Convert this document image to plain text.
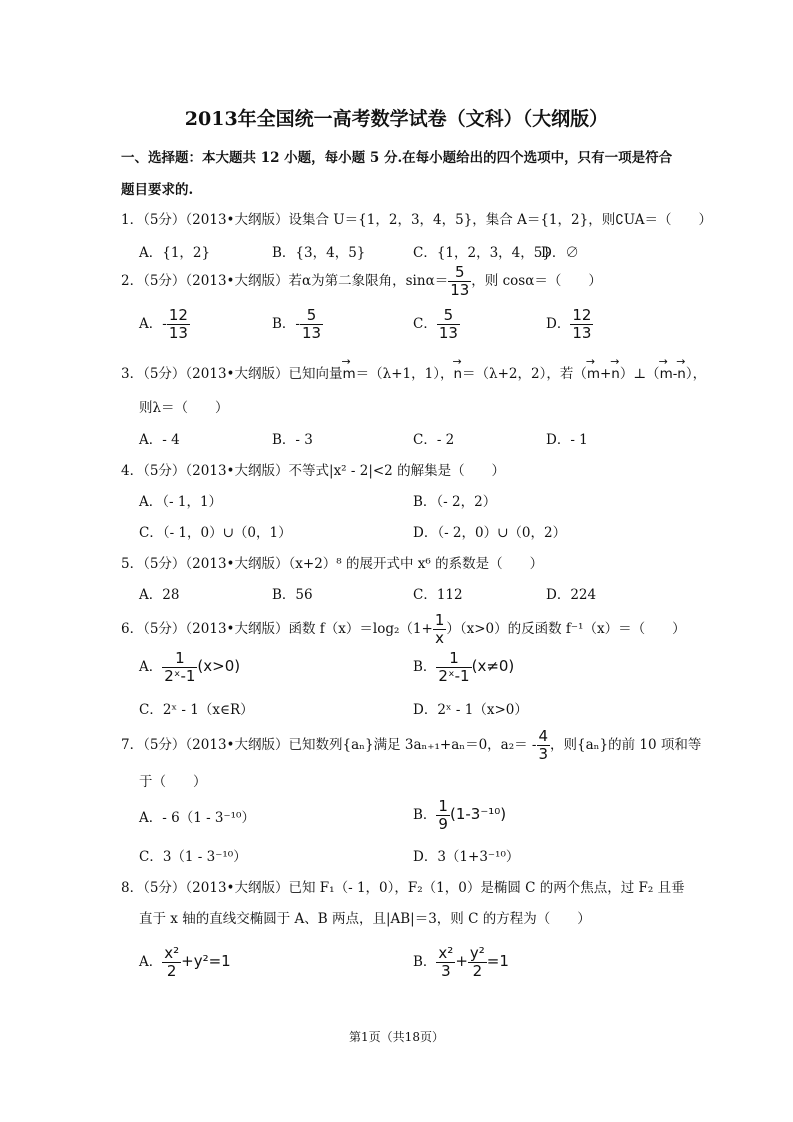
2013年全国统一高考数学试卷（文科）（大纲版）
一、选择题：本大题共 12 小题，每小题 5 分.在每小题给出的四个选项中，只有一项是符合
题目要求的.
1．（5分）（2013•大纲版）设集合 U＝{1，2，3，4，5}，集合 A＝{1，2}，则∁UA＝（　　）
A．{1，2}	B．{3，4，5}	C．{1，2，3，4，5}
D．∅
2．（5分）（2013•大纲版）若α为第二象限角，$\sin\alpha= \frac{5}{13}$ ，则 cosα＝（　　）
A．- $\frac{12}{13}$	B．- $\frac{5}{13}$	C． $\frac{5}{13}$	D． $\frac{12}{13}$
3．（5分）（2013•大纲版）已知向量→ m＝（λ+1，1），→ n＝（λ+2，2），若（→ m+→ n）⊥（→ m-→ n），
则λ＝（　　）
A．- 4	B．- 3	C．- 2	D．- 1
4．（5分）（2013•大纲版）不等式|x² - 2|<2 的解集是（　　）
A．（- 1，1）	B．（- 2，2）
C．（- 1，0）∪（0，1）	D．（- 2，0）∪（0，2）
5．（5分）（2013•大纲版）（x+2）⁸ 的展开式中 x⁶ 的系数是（　　）
A．28	B．56	C．112	D．224
6．（5分）（2013•大纲版）函数 $f(x)=\log_2(1+ \frac{1}{x} )(x>0)$的反函数 f⁻¹（x）＝（　　）
A． $\frac{1}{\text{2ˣ-1}} (x>0)$	B． $\frac{1}{\text{2ˣ-1}} (x\ne 0)$
C．2ˣ - 1（x∈R）	D．2ˣ - 1（x>0）
7．（5分）（2013•大纲版）已知数列{aₙ}满足 3aₙ₊₁+aₙ＝0，$a_2= - \frac{4}{3}$ ，则{aₙ}的前 10 项和等
于（　　）
A．- 6（1 - 3⁻¹⁰）	B． $\frac{1}{9} (1-3^{-10})$
C．3（1 - 3⁻¹⁰）	D．3（1+3⁻¹⁰）
8．（5分）（2013•大纲版）已知 F₁（- 1，0），F₂（1，0）是椭圆 C 的两个焦点，过 F₂ 且垂
直于 x 轴的直线交椭圆于 A、B 两点，且|AB|＝3，则 C 的方程为（　　）
A． $\frac{\text{x²}}{2} +y^2=1$	B． $\frac{\text{x²}}{3} + \frac{\text{y²}}{2} =1$
第1页（共18页）
